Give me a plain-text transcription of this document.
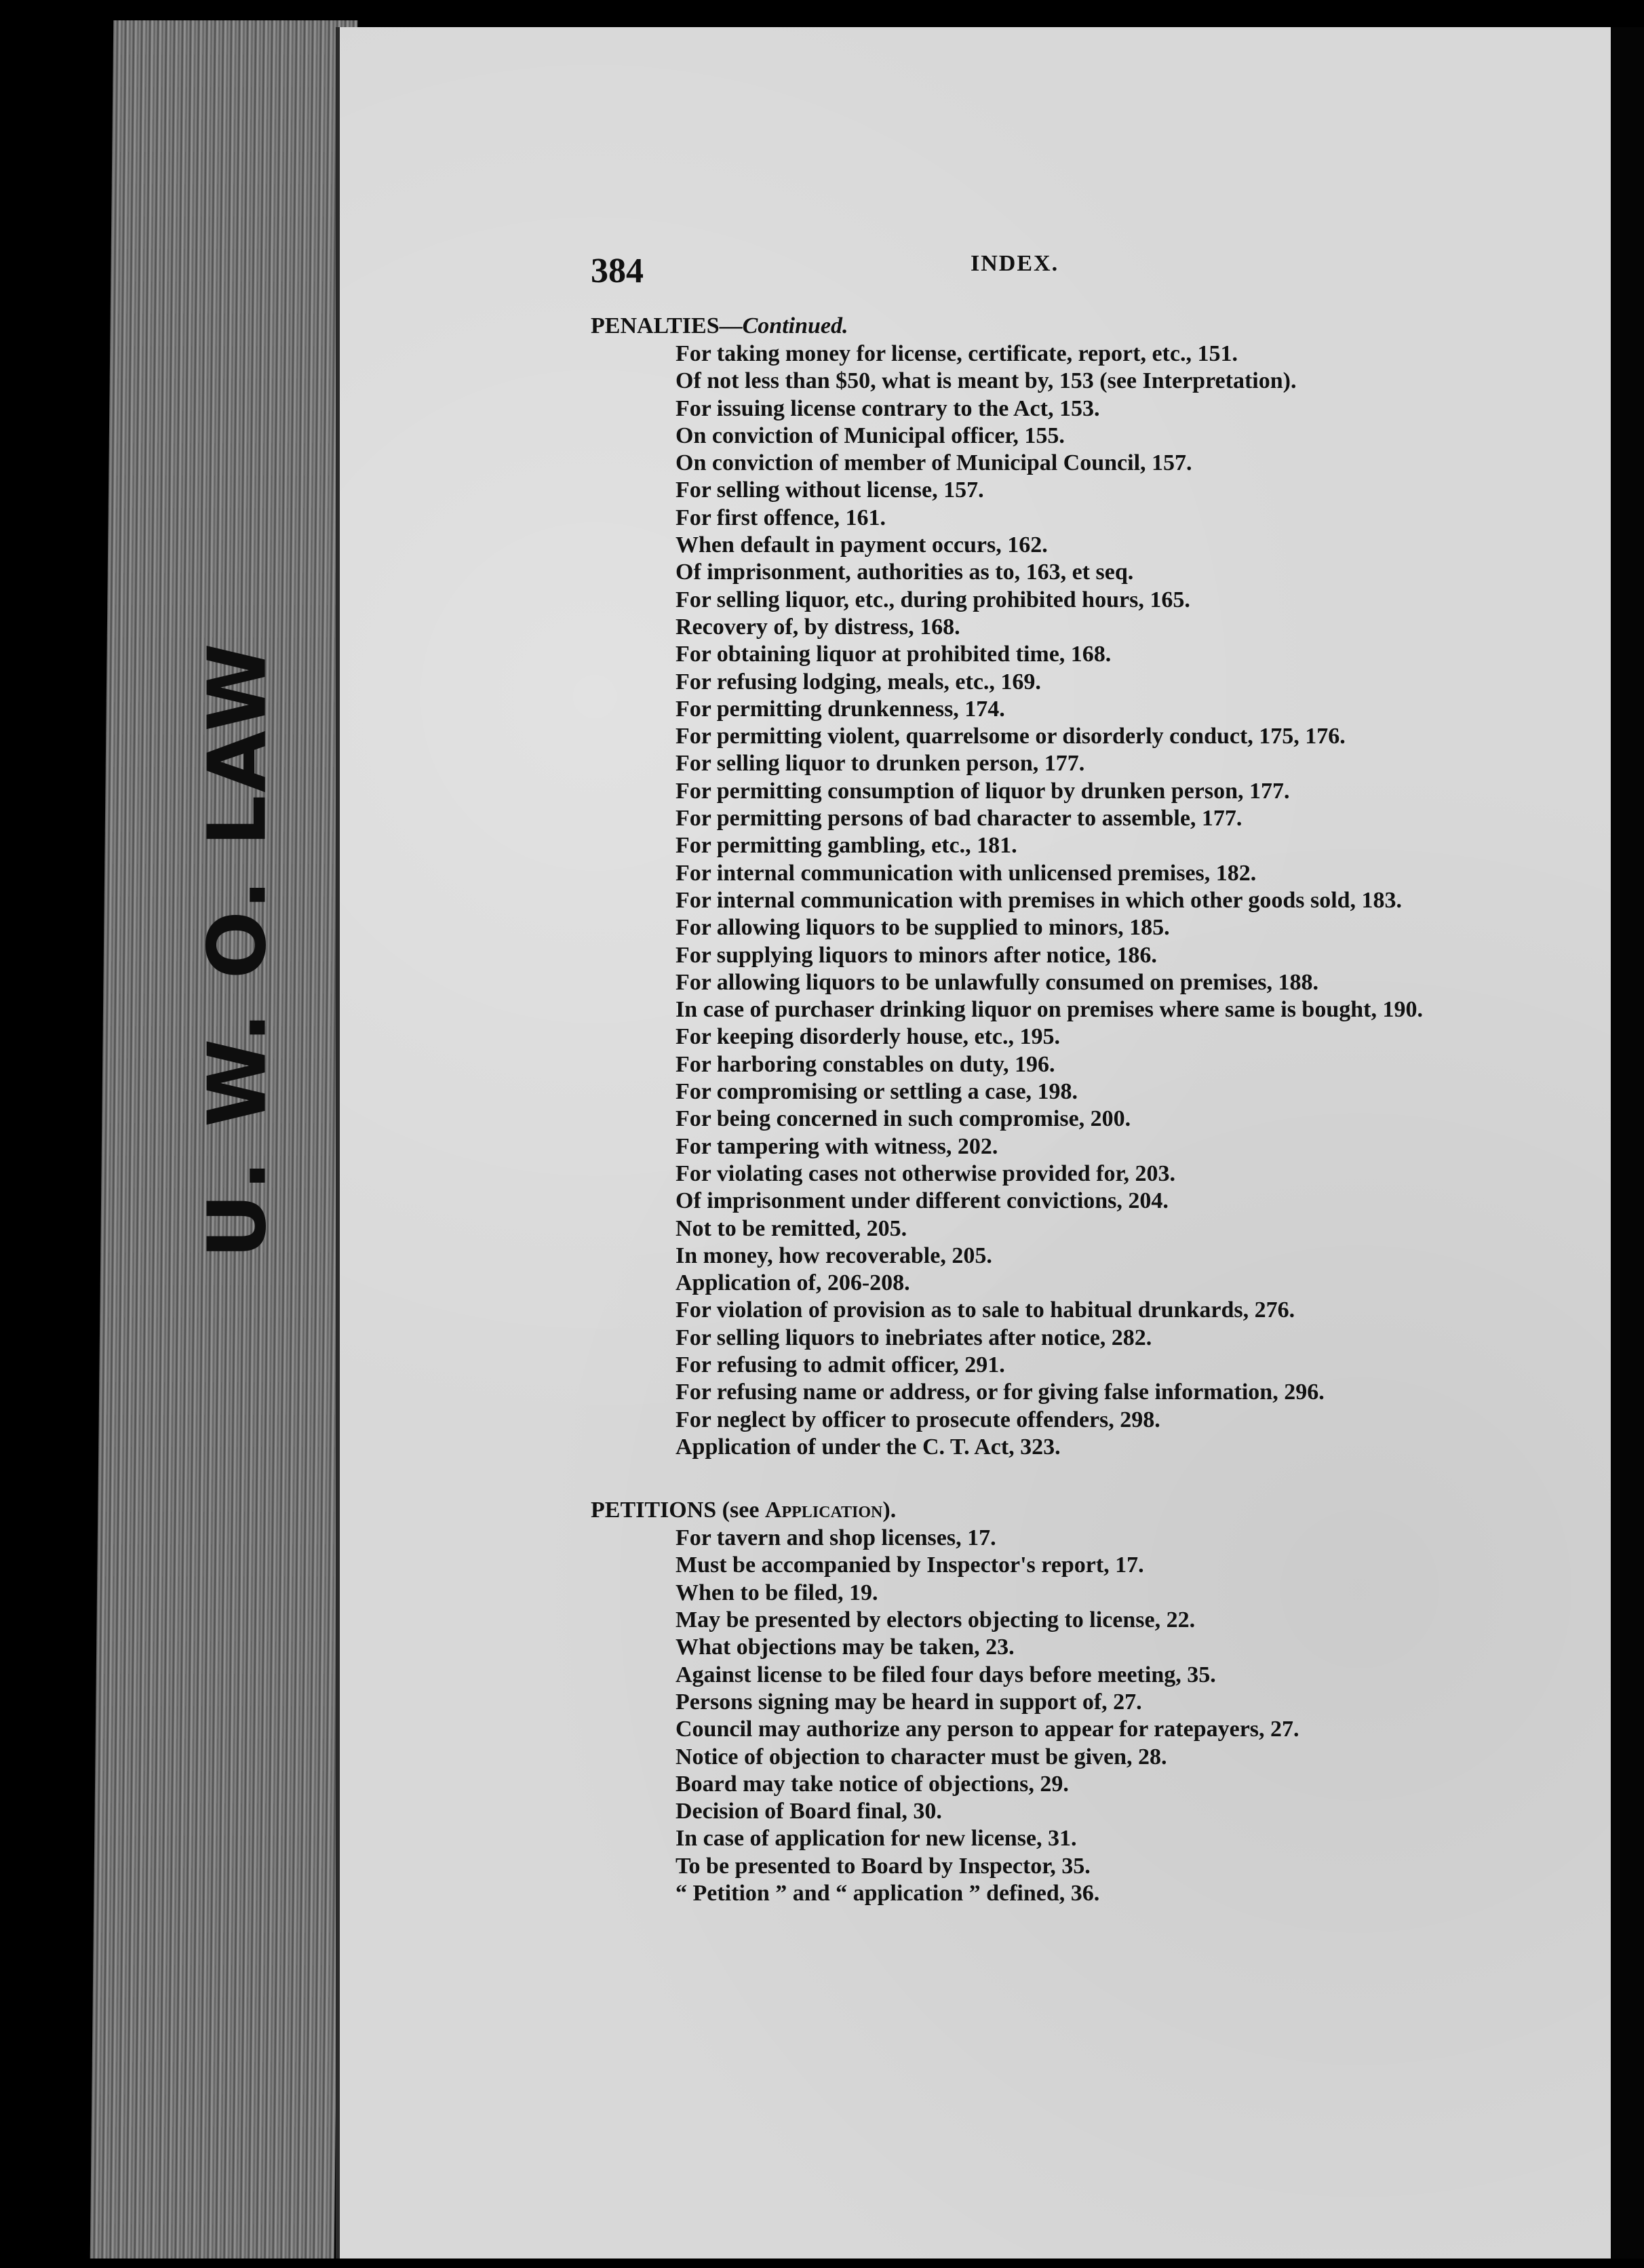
U. W. O. LAW
384	INDEX.

PENALTIES—Continued.

For taking money for license, certificate, report, etc., 151.
Of not less than $50, what is meant by, 153 (see Interpretation).
For issuing license contrary to the Act, 153.
On conviction of Municipal officer, 155.
On conviction of member of Municipal Council, 157.
For selling without license, 157.
For first offence, 161.
When default in payment occurs, 162.
Of imprisonment, authorities as to, 163, et seq.
For selling liquor, etc., during prohibited hours, 165.
Recovery of, by distress, 168.
For obtaining liquor at prohibited time, 168.
For refusing lodging, meals, etc., 169.
For permitting drunkenness, 174.
For permitting violent, quarrelsome or disorderly conduct, 175, 176.
For selling liquor to drunken person, 177.
For permitting consumption of liquor by drunken person, 177.
For permitting persons of bad character to assemble, 177.
For permitting gambling, etc., 181.
For internal communication with unlicensed premises, 182.
For internal communication with premises in which other goods sold, 183.
For allowing liquors to be supplied to minors, 185.
For supplying liquors to minors after notice, 186.
For allowing liquors to be unlawfully consumed on premises, 188.
In case of purchaser drinking liquor on premises where same is bought, 190.
For keeping disorderly house, etc., 195.
For harboring constables on duty, 196.
For compromising or settling a case, 198.
For being concerned in such compromise, 200.
For tampering with witness, 202.
For violating cases not otherwise provided for, 203.
Of imprisonment under different convictions, 204.
Not to be remitted, 205.
In money, how recoverable, 205.
Application of, 206-208.
For violation of provision as to sale to habitual drunkards, 276.
For selling liquors to inebriates after notice, 282.
For refusing to admit officer, 291.
For refusing name or address, or for giving false information, 296.
For neglect by officer to prosecute offenders, 298.
Application of under the C. T. Act, 323.

PETITIONS (see Application).

For tavern and shop licenses, 17.
Must be accompanied by Inspector's report, 17.
When to be filed, 19.
May be presented by electors objecting to license, 22.
What objections may be taken, 23.
Against license to be filed four days before meeting, 35.
Persons signing may be heard in support of, 27.
Council may authorize any person to appear for ratepayers, 27.
Notice of objection to character must be given, 28.
Board may take notice of objections, 29.
Decision of Board final, 30.
In case of application for new license, 31.
To be presented to Board by Inspector, 35.
“ Petition ” and “ application ” defined, 36.
